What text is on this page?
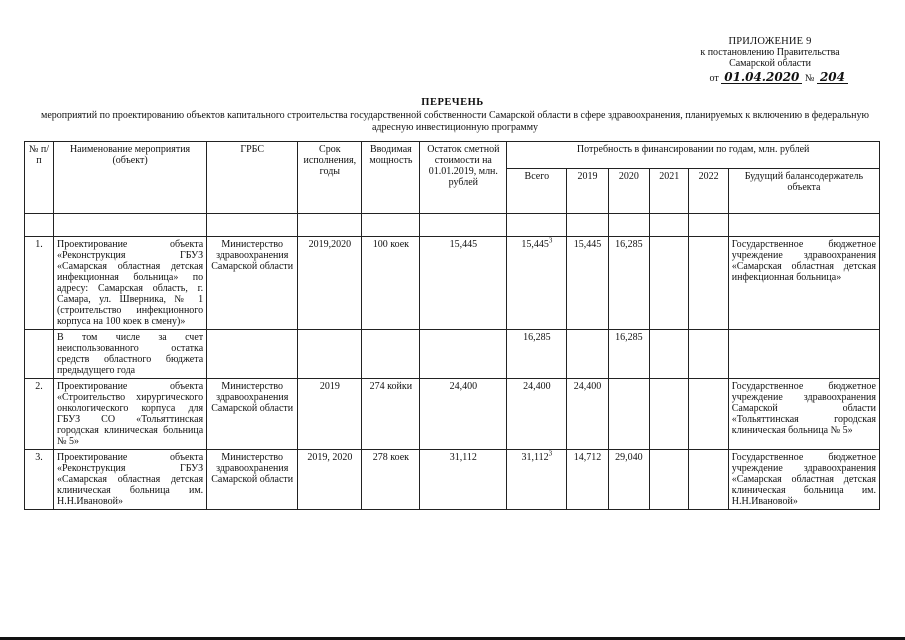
ПРИЛОЖЕНИЕ 9
к постановлению Правительства
Самарской области
от 01.04.2020 № 204
ПЕРЕЧЕНЬ
мероприятий по проектированию объектов капитального строительства государственной собственности Самарской области в сфере здравоохранения, планируемых к включению в федеральную адресную инвестиционную программу
№ п/п	Наименование мероприятия (объект)	ГРБС	Срок исполнения, годы	Вводимая мощность	Остаток сметной стоимости на 01.01.2019, млн. рублей	Потребность в финансировании по годам, млн. рублей					
						Всего	2019	2020	2021	2022	Будущий балансодержатель объекта

1.	Проектирование объекта «Реконструкция ГБУЗ «Самарская областная детская инфекционная больница» по адресу: Самарская область, г. Самара, ул. Шверника, № 1 (строительство инфекционного корпуса на 100 коек в смену)»	Министерство здравоохранения Самарской области	2019,2020	100 коек	15,445	15,445$^3$	15,445	16,285			Государственное бюджетное учреждение здравоохранения «Самарская областная детская инфекционная больница»
	В том числе за счет неиспользованного остатка средств областного бюджета предыдущего года					16,285		16,285			
2.	Проектирование объекта «Строительство хирургического онкологического корпуса для ГБУЗ СО «Тольяттинская городская клиническая больница № 5»	Министерство здравоохранения Самарской области	2019	274 койки	24,400	24,400	24,400				Государственное бюджетное учреждение здравоохранения Самарской области «Тольяттинская городская клиническая больница № 5»
3.	Проектирование объекта «Реконструкция ГБУЗ «Самарская областная детская клиническая больница им. Н.Н.Ивановой»	Министерство здравоохранения Самарской области	2019, 2020	278 коек	31,112	31,112$^3$	14,712	29,040			Государственное бюджетное учреждение здравоохранения «Самарская областная детская клиническая больница им. Н.Н.Ивановой»
